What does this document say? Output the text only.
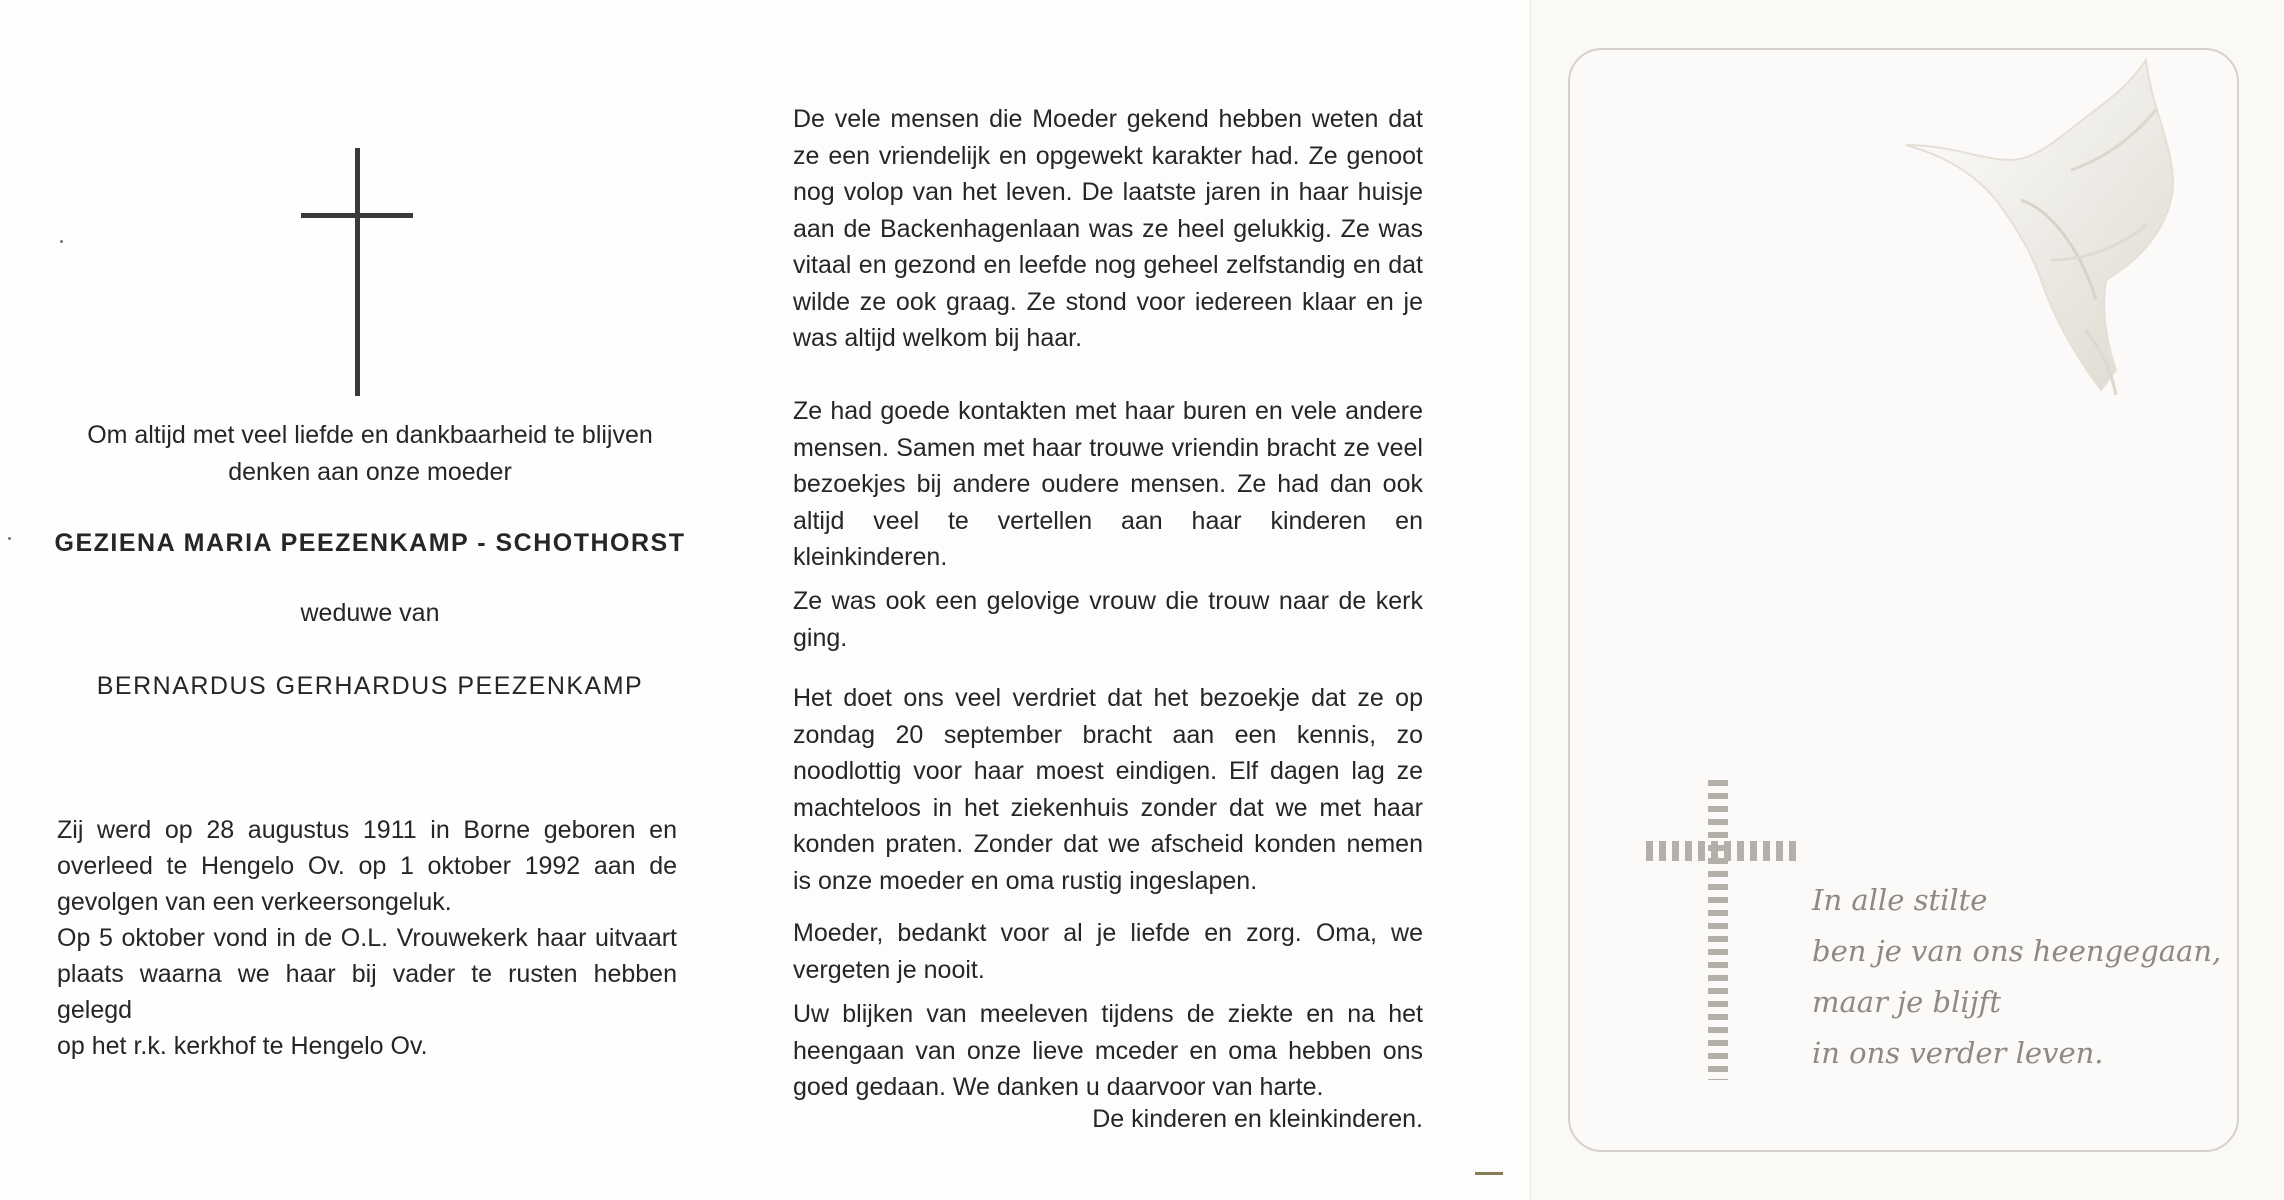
Om altijd met veel liefde en dankbaarheid te blijven
denken aan onze moeder
GEZIENA MARIA PEEZENKAMP - SCHOTHORST
weduwe van
BERNARDUS GERHARDUS PEEZENKAMP

Zij werd op 28 augustus 1911 in Borne geboren en

overleed te Hengelo Ov. op 1 oktober 1992 aan de

gevolgen van een verkeersongeluk.

Op 5 oktober vond in de O.L. Vrouwekerk haar uitvaart

plaats waarna we haar bij vader te rusten hebben gelegd

op het r.k. kerkhof te Hengelo Ov.

De vele mensen die Moeder gekend hebben weten dat ze een vriendelijk en opgewekt karakter had. Ze genoot nog volop van het leven. De laatste jaren in haar huisje aan de Backenhagenlaan was ze heel gelukkig. Ze was vitaal en gezond en leefde nog geheel zelfstandig en dat wilde ze ook graag. Ze stond voor iedereen klaar en je was altijd welkom bij haar.

Ze had goede kontakten met haar buren en vele andere mensen. Samen met haar trouwe vriendin bracht ze veel bezoekjes bij andere oudere mensen. Ze had dan ook altijd veel te vertellen aan haar kinderen en kleinkinderen.

Ze was ook een gelovige vrouw die trouw naar de kerk ging.

Het doet ons veel verdriet dat het bezoekje dat ze op zondag 20 september bracht aan een kennis, zo noodlottig voor haar moest eindigen. Elf dagen lag ze machteloos in het ziekenhuis zonder dat we met haar konden praten. Zonder dat we afscheid konden nemen is onze moeder en oma rustig ingeslapen.

Moeder, bedankt voor al je liefde en zorg. Oma, we vergeten je nooit.

Uw blijken van meeleven tijdens de ziekte en na het heengaan van onze lieve mceder en oma hebben ons goed gedaan. We danken u daarvoor van harte.

De kinderen en kleinkinderen.
In alle stilte
ben je van ons heengegaan,
maar je blijft
in ons verder leven.
